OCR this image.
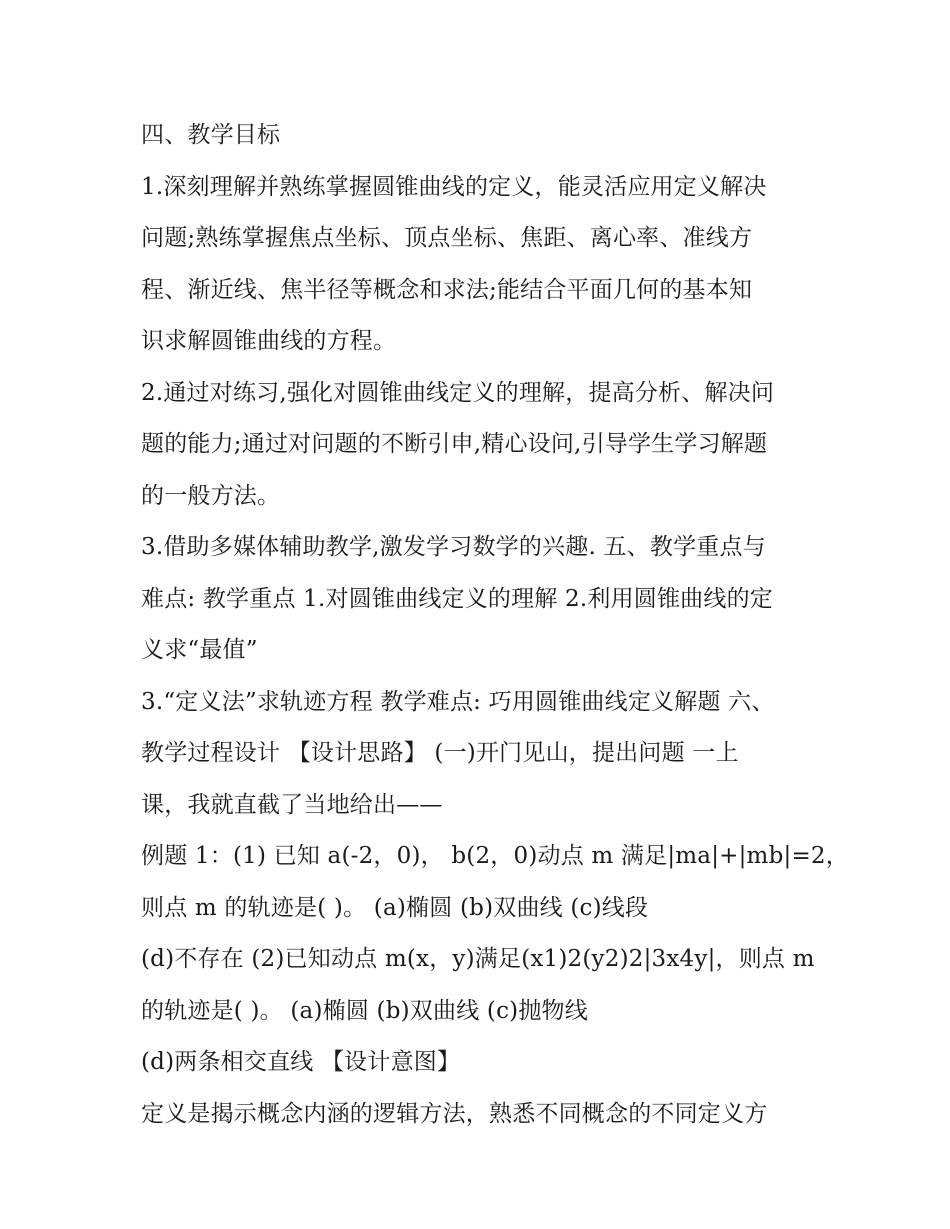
四、教学目标

1.深刻理解并熟练掌握圆锥曲线的定义，能灵活应用定义解决

问题;熟练掌握焦点坐标、顶点坐标、焦距、离心率、准线方

程、渐近线、焦半径等概念和求法;能结合平面几何的基本知

识求解圆锥曲线的方程。

2.通过对练习,强化对圆锥曲线定义的理解，提高分析、解决问

题的能力;通过对问题的不断引申,精心设问,引导学生学习解题

的一般方法。

3.借助多媒体辅助教学,激发学习数学的兴趣. 五、教学重点与

难点: 教学重点 1.对圆锥曲线定义的理解 2.利用圆锥曲线的定

义求“最值”

3.“定义法”求轨迹方程 教学难点: 巧用圆锥曲线定义解题 六、

教学过程设计 【设计思路】 (一)开门见山，提出问题 一上

课，我就直截了当地给出——

例题 1：(1) 已知 a(-2，0)， b(2，0)动点 m 满足|ma|+|mb|=2，

则点 m 的轨迹是( )。 (a)椭圆 (b)双曲线 (c)线段

(d)不存在 (2)已知动点 m(x，y)满足(x1)2(y2)2|3x4y|，则点 m

的轨迹是( )。 (a)椭圆 (b)双曲线 (c)抛物线

(d)两条相交直线 【设计意图】

定义是揭示概念内涵的逻辑方法，熟悉不同概念的不同定义方
